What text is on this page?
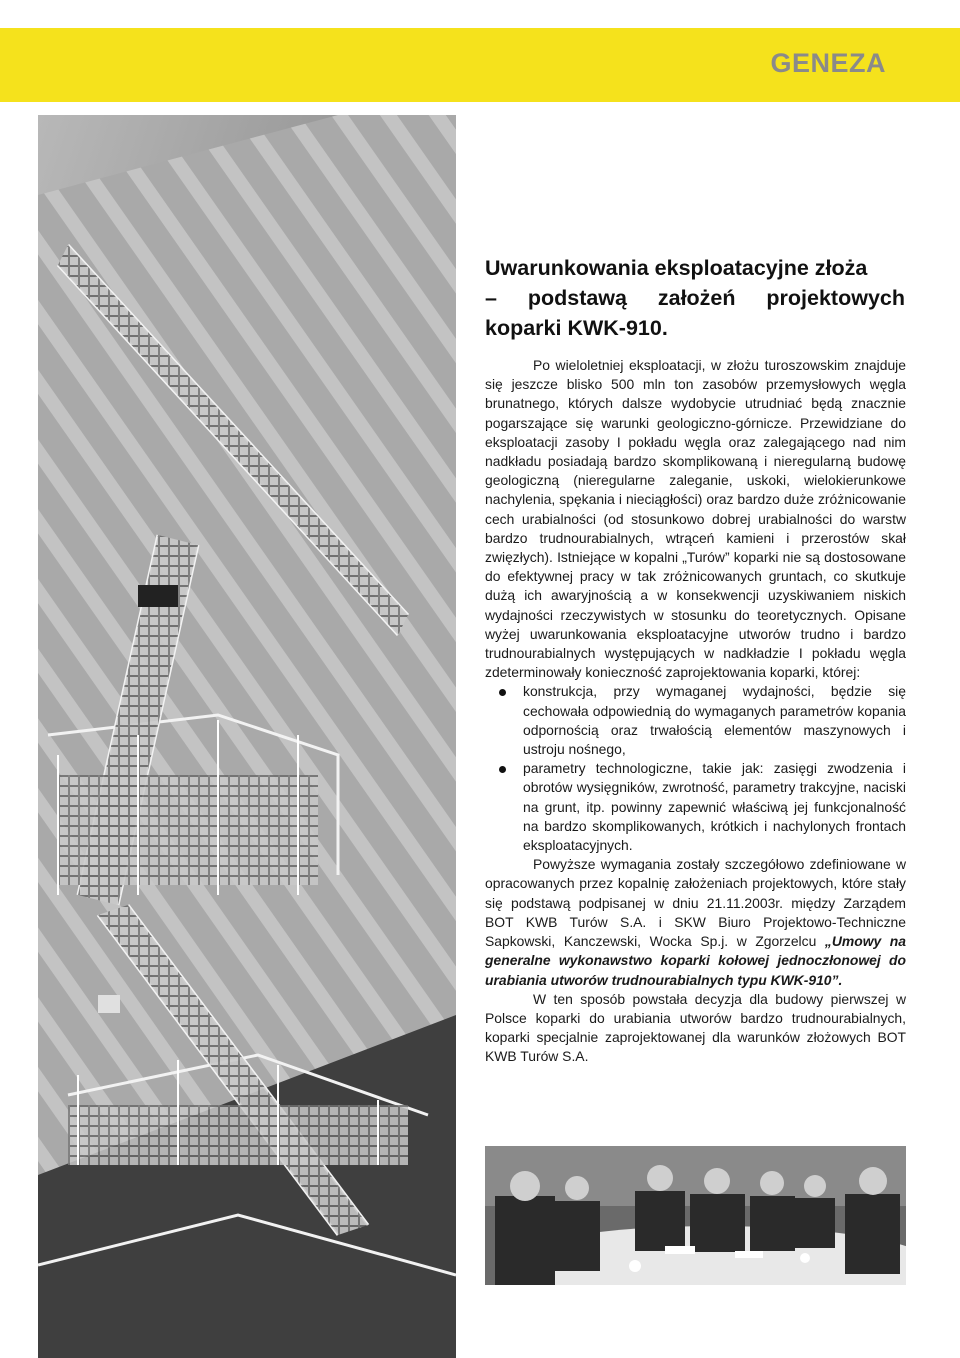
GENEZA
Uwarunkowania eksploatacyjne złoża
– podstawą założeń projektowych
koparki KWK-910.

Po wieloletniej eksploatacji, w złożu turoszowskim znajduje się jeszcze blisko 500 mln ton zasobów przemysłowych węgla brunatnego, których dalsze wydobycie utrudniać będą znacznie pogarszające się warunki geologiczno-górnicze. Przewidziane do eksploatacji zasoby I pokładu węgla oraz zalegającego nad nim nadkładu posiadają bardzo skomplikowaną i nieregularną budowę geologiczną (nieregularne zaleganie, uskoki, wielokierunkowe nachylenia, spękania i nieciągłości) oraz bardzo duże zróżnicowanie cech urabialności (od stosunkowo dobrej urabialności do warstw bardzo trudnourabialnych, wtrąceń kamieni i przerostów skał zwięzłych). Istniejące w kopalni „Turów” koparki nie są dostosowane do efektywnej pracy w tak zróżnicowanych gruntach, co skutkuje dużą ich awaryjnością a w konsekwencji uzyskiwaniem niskich wydajności rzeczywistych w stosunku do teoretycznych. Opisane wyżej uwarunkowania eksploatacyjne utworów trudno i bardzo trudnourabialnych występujących w nadkładzie I pokładu węgla zdeterminowały konieczność zaprojektowania koparki, której:

konstrukcja, przy wymaganej wydajności, będzie się cechowała odpowiednią do wymaganych parametrów kopania odpornością oraz trwałością elementów maszynowych i ustroju nośnego,
parametry technologiczne, takie jak: zasięgi zwodzenia i obrotów wysięgników, zwrotność, parametry trakcyjne, naciski na grunt, itp. powinny zapewnić właściwą jej funkcjonalność na bardzo skomplikowanych, krótkich i nachylonych frontach eksploatacyjnych.

Powyższe wymagania zostały szczegółowo zdefiniowane w opracowanych przez kopalnię założeniach projektowych, które stały się podstawą podpisanej w dniu 21.11.2003r. między Zarządem BOT KWB Turów S.A. i SKW Biuro Projektowo-Techniczne Sapkowski, Kanczewski, Wocka Sp.j. w Zgorzelcu „Umowy na generalne wykonawstwo koparki kołowej jednoczłonowej do urabiania utworów trudnourabialnych typu KWK-910”.

W ten sposób powstała decyzja dla budowy pierwszej w Polsce koparki do urabiania utworów bardzo trudnourabialnych, koparki specjalnie zaprojektowanej dla warunków złożowych BOT KWB Turów S.A.
